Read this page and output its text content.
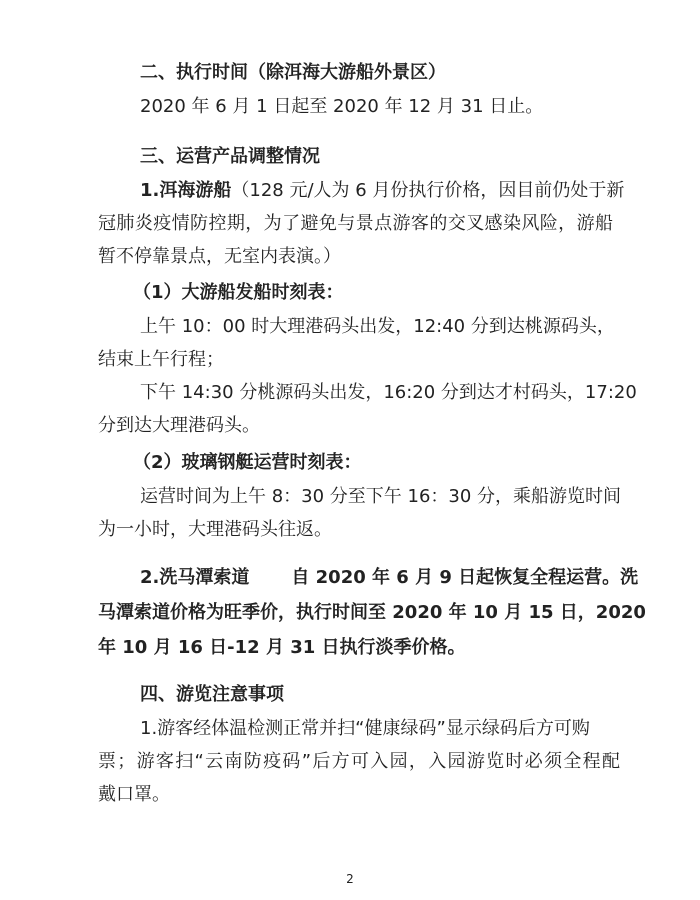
二、执行时间（除洱海大游船外景区）
2020 年 6 月 1 日起至 2020 年 12 月 31 日止。
三、运营产品调整情况
1.洱海游船（128 元/人为 6 月份执行价格，因目前仍处于新
冠肺炎疫情防控期，为了避免与景点游客的交叉感染风险，游船
暂不停靠景点，无室内表演。）
（1）大游船发船时刻表：
上午 10：00 时大理港码头出发，12:40 分到达桃源码头，
结束上午行程；
下午 14:30 分桃源码头出发，16:20 分到达才村码头，17:20
分到达大理港码头。
（2）玻璃钢艇运营时刻表：
运营时间为上午 8：30 分至下午 16：30 分，乘船游览时间
为一小时，大理港码头往返。
2.洗马潭索道 自 2020 年 6 月 9 日起恢复全程运营。洗
马潭索道价格为旺季价，执行时间至 2020 年 10 月 15 日，2020
年 10 月 16 日-12 月 31 日执行淡季价格。
四、游览注意事项
1.游客经体温检测正常并扫“健康绿码”显示绿码后方可购
票；游客扫“云南防疫码”后方可入园，入园游览时必须全程配
戴口罩。
2
